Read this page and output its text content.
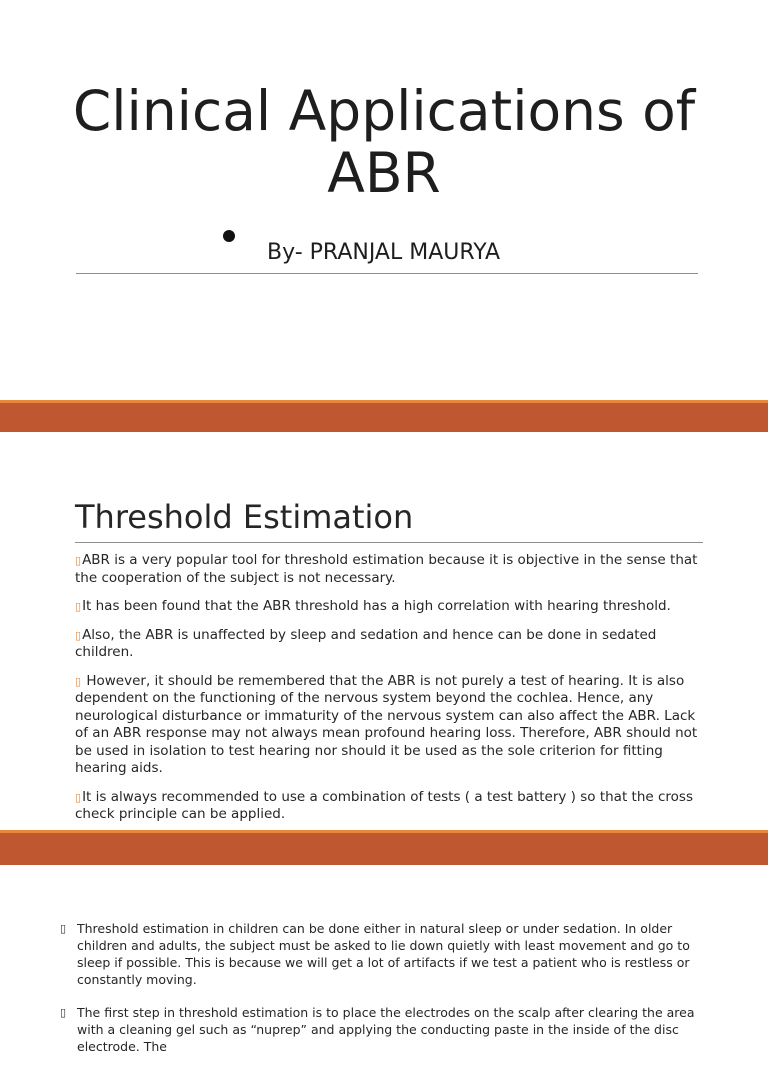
Clinical Applications of
ABR
By- PRANJAL MAURYA
Threshold Estimation
▯ABR is a very popular tool for threshold estimation because it is objective in the sense that the cooperation of the subject is not necessary.
▯It has been found that the ABR threshold has a high correlation with hearing threshold.
▯Also, the ABR is unaffected by sleep and sedation and hence can be done in sedated children.
▯ However, it should be remembered that the ABR is not purely a test of hearing. It is also dependent on the functioning of the nervous system beyond the cochlea. Hence, any neurological disturbance or immaturity of the nervous system can also affect the ABR. Lack of an ABR response may not always mean profound hearing loss. Therefore, ABR should not be used in isolation to test hearing nor should it be used as the sole criterion for fitting hearing aids.
▯It is always recommended to use a combination of tests ( a test battery ) so that the cross check principle can be applied.
▯ Threshold estimation in children can be done either in natural sleep or under sedation. In older children and adults, the subject must be asked to lie down quietly with least movement and go to sleep if possible. This is because we will get a lot of artifacts if we test a patient who is restless or constantly moving.
▯ The first step in threshold estimation is to place the electrodes on the scalp after clearing the area with a cleaning gel such as “nuprep” and applying the conducting paste in the inside of the disc electrode. The
